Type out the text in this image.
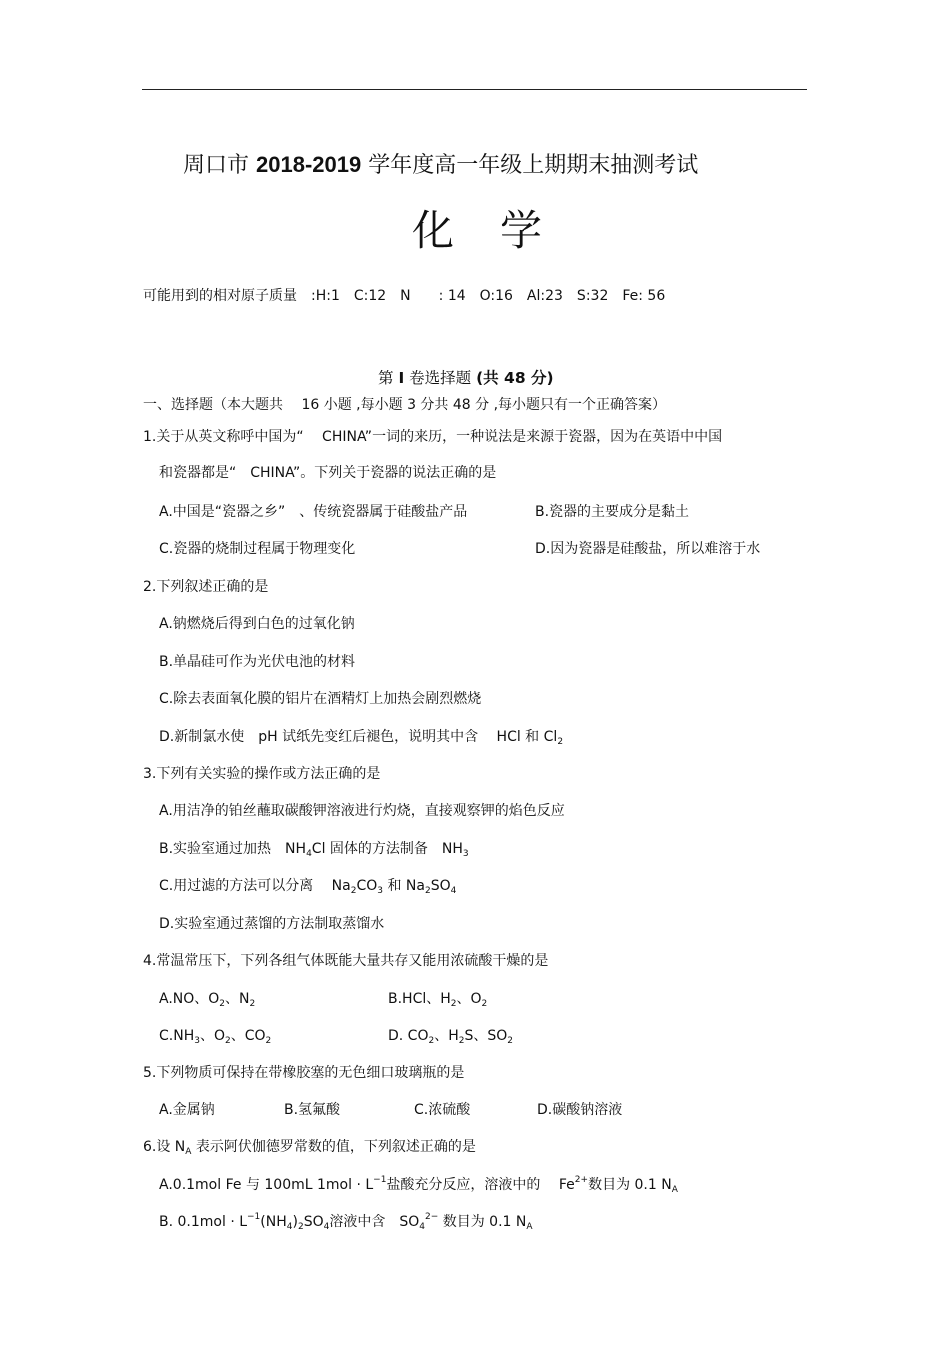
周口市 2018-2019 学年度高一年级上期期末抽测考试
化学
可能用到的相对原子质量　:H:1　C:12　N　　: 14　O:16　Al:23　S:32　Fe: 56
第 I 卷选择题 (共 48 分)
一、选择题（本大题共　 16 小题 ,每小题 3 分共 48 分 ,每小题只有一个正确答案）
1.关于从英文称呼中国为“　 CHINA”一词的来历，一种说法是来源于瓷器，因为在英语中中国
和瓷器都是“　CHINA”。下列关于瓷器的说法正确的是
A.中国是“瓷器之乡”　、传统瓷器属于硅酸盐产品	B.瓷器的主要成分是黏土
C.瓷器的烧制过程属于物理变化	D.因为瓷器是硅酸盐，所以难溶于水
2.下列叙述正确的是
A.钠燃烧后得到白色的过氧化钠
B.单晶硅可作为光伏电池的材料
C.除去表面氧化膜的铝片在酒精灯上加热会剧烈燃烧
D.新制氯水使　pH 试纸先变红后褪色，说明其中含　 HCl 和 $Cl_2$
3.下列有关实验的操作或方法正确的是
A.用洁净的铂丝蘸取碳酸钾溶液进行灼烧，直接观察钾的焰色反应
B.实验室通过加热　$NH_4Cl$ 固体的方法制备　$NH_3$
C.用过滤的方法可以分离　 $Na_2CO_3$ 和 $Na_2SO_4$
D.实验室通过蒸馏的方法制取蒸馏水
4.常温常压下，下列各组气体既能大量共存又能用浓硫酸干燥的是
A.NO、$O_2$、$N_2$	B.HCl、$H_2$、$O_2$
$C.NH_3$、$O_2$、$CO_2$	D. $CO_2$、$H_2S$、$SO_2$
5.下列物质可保持在带橡胶塞的无色细口玻璃瓶的是
A.金属钠	B.氢氟酸	C.浓硫酸	D.碳酸钠溶液
6.设 $N_A$ 表示阿伏伽德罗常数的值，下列叙述正确的是
A.0.1mol Fe 与 100mL $1mol \cdot L^{-1}$盐酸充分反应，溶液中的　 $Fe^{2+}$数目为 0.1 $N_A$
B. $0.1mol \cdot L^{-1}(NH_4)_2SO_4$溶液中含　$SO_4^{2-}$ 数目为 0.1 $N_A$
